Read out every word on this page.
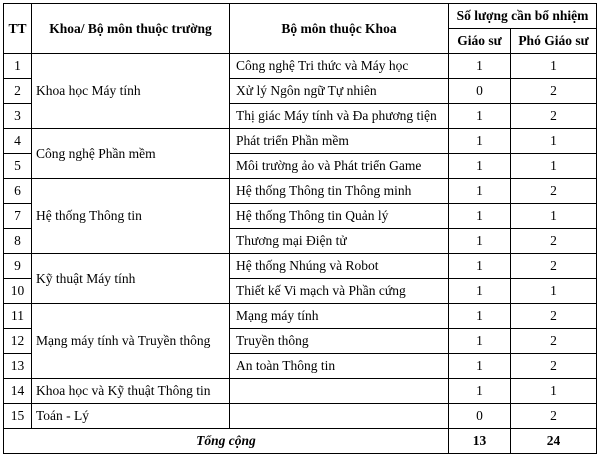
TT	Khoa/ Bộ môn thuộc trường	Bộ môn thuộc Khoa	Số lượng cần bổ nhiệm	
			Giáo sư	Phó Giáo sư
1	Khoa học Máy tính	Công nghệ Tri thức và Máy học	1	1
2		Xử lý Ngôn ngữ Tự nhiên	0	2
3		Thị giác Máy tính và Đa phương tiện	1	2
4	Công nghệ Phần mềm	Phát triển Phần mềm	1	1
5		Môi trường ảo và Phát triển Game	1	1
6	Hệ thống Thông tin	Hệ thống Thông tin Thông minh	1	2
7		Hệ thống Thông tin Quản lý	1	1
8		Thương mại Điện tử	1	2
9	Kỹ thuật Máy tính	Hệ thống Nhúng và Robot	1	2
10		Thiết kế Vi mạch và Phần cứng	1	1
11	Mạng máy tính và Truyền thông	Mạng máy tính	1	2
12		Truyền thông	1	2
13		An toàn Thông tin	1	2
14	Khoa học và Kỹ thuật Thông tin		1	1
15	Toán - Lý		0	2
Tổng cộng			13	24
